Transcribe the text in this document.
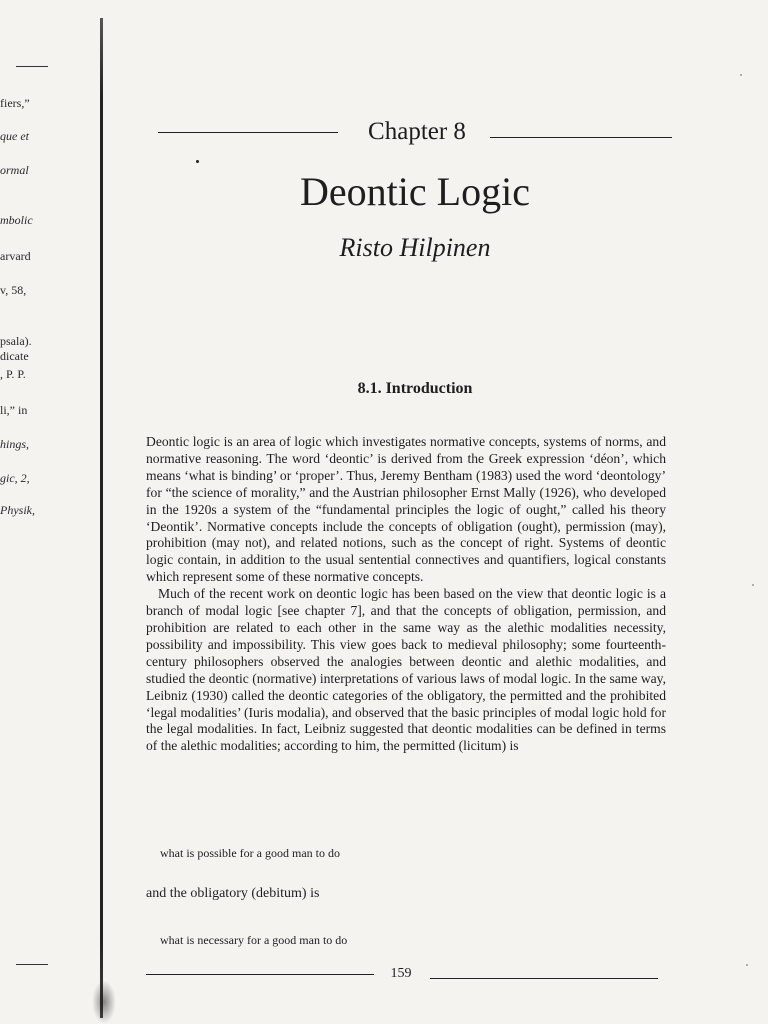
fiers,”
que et
ormal
mbolic
arvard
v, 58,
psala).
dicate
, P. P.
li,” in
hings,
gic, 2,
Physik,
Chapter 8
Deontic Logic
Risto Hilpinen
8.1. Introduction

Deontic logic is an area of logic which investigates normative concepts, systems of norms, and normative reasoning. The word ‘deontic’ is derived from the Greek expression ‘déon’, which means ‘what is binding’ or ‘proper’. Thus, Jeremy Bentham (1983) used the word ‘deontology’ for “the science of morality,” and the Austrian philosopher Ernst Mally (1926), who developed in the 1920s a system of the “fundamental principles the logic of ought,” called his theory ‘Deontik’. Normative concepts include the concepts of obligation (ought), permission (may), prohibition (may not), and related notions, such as the concept of right. Systems of deontic logic contain, in addition to the usual sentential connectives and quantifiers, logical constants which represent some of these normative concepts.

Much of the recent work on deontic logic has been based on the view that deontic logic is a branch of modal logic [see chapter 7], and that the concepts of obligation, permission, and prohibition are related to each other in the same way as the alethic modalities necessity, possibility and impossibility. This view goes back to medieval philosophy; some fourteenth-century philosophers observed the analogies between deontic and alethic modalities, and studied the deontic (normative) interpretations of various laws of modal logic. In the same way, Leibniz (1930) called the deontic categories of the obligatory, the permitted and the prohibited ‘legal modalities’ (Iuris modalia), and observed that the basic principles of modal logic hold for the legal modalities. In fact, Leibniz suggested that deontic modalities can be defined in terms of the alethic modalities; according to him, the permitted (licitum) is

what is possible for a good man to do
and the obligatory (debitum) is
what is necessary for a good man to do
159
